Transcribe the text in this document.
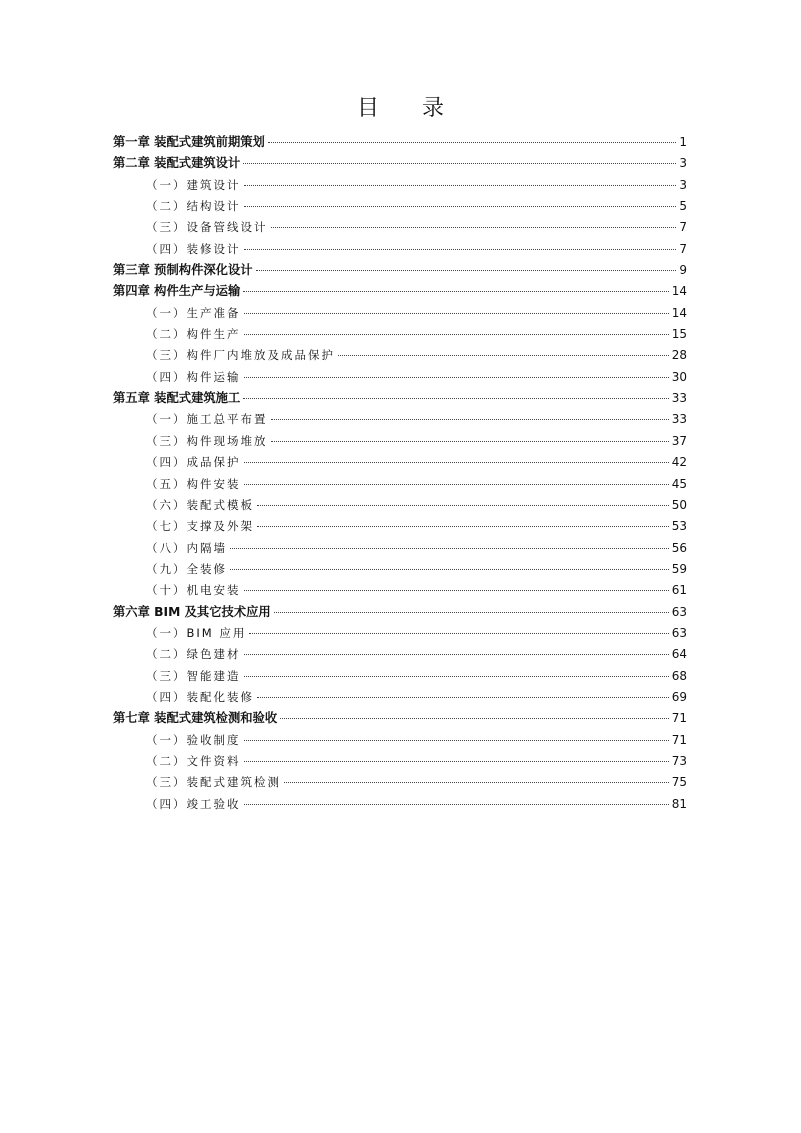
目 录
第一章 装配式建筑前期策划	1
第二章 装配式建筑设计	3
（一）建筑设计	3
（二）结构设计	5
（三）设备管线设计	7
（四）装修设计	7
第三章 预制构件深化设计	9
第四章 构件生产与运输	14
（一）生产准备	14
（二）构件生产	15
（三）构件厂内堆放及成品保护	28
（四）构件运输	30
第五章 装配式建筑施工	33
（一）施工总平布置	33
（三）构件现场堆放	37
（四）成品保护	42
（五）构件安装	45
（六）装配式模板	50
（七）支撑及外架	53
（八）内隔墙	56
（九）全装修	59
（十）机电安装	61
第六章 BIM 及其它技术应用	63
（一）BIM 应用	63
（二）绿色建材	64
（三）智能建造	68
（四）装配化装修	69
第七章 装配式建筑检测和验收	71
（一）验收制度	71
（二）文件资料	73
（三）装配式建筑检测	75
（四）竣工验收	81
